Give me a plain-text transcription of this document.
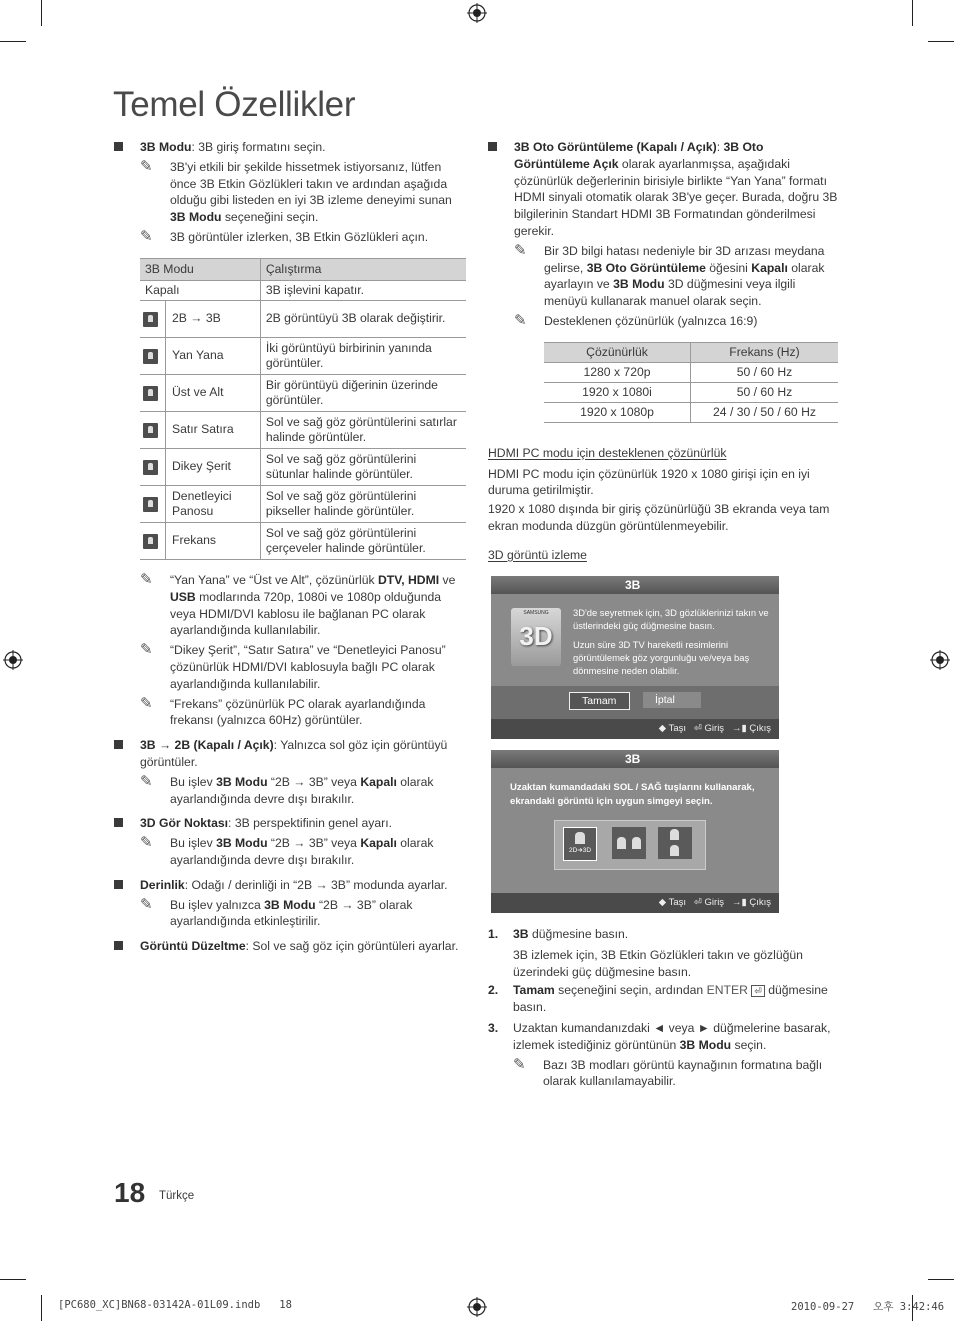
Temel Özellikler

3B Modu: 3B giriş formatını seçin.

✎ 3B'yi etkili bir şekilde hissetmek istiyorsanız, lütfen önce 3B Etkin Gözlükleri takın ve ardından aşağıda olduğu gibi listeden en iyi 3B izleme deneyimi sunan 3B Modu seçeneğini seçin.

✎ 3B görüntüler izlerken, 3B Etkin Gözlükleri açın.

3B Modu		Çalıştırma
Kapalı		3B işlevini kapatır.
	2B → 3B	2B görüntüyü 3B olarak değiştirir.
	Yan Yana	İki görüntüyü birbirinin yanında görüntüler.
	Üst ve Alt	Bir görüntüyü diğerinin üzerinde görüntüler.
	Satır Satıra	Sol ve sağ göz görüntülerini satırlar halinde görüntüler.
	Dikey Şerit	Sol ve sağ göz görüntülerini sütunlar halinde görüntüler.
	Denetleyici Panosu	Sol ve sağ göz görüntülerini pikseller halinde görüntüler.
	Frekans	Sol ve sağ göz görüntülerini çerçeveler halinde görüntüler.

✎ “Yan Yana” ve “Üst ve Alt”, çözünürlük DTV, HDMI ve USB modlarında 720p, 1080i ve 1080p olduğunda veya HDMI/DVI kablosu ile bağlanan PC olarak ayarlandığında kullanılabilir.

✎ “Dikey Şerit”, “Satır Satıra” ve “Denetleyici Panosu” çözünürlük HDMI/DVI kablosuyla bağlı PC olarak ayarlandığında kullanılabilir.

✎ “Frekans” çözünürlük PC olarak ayarlandığında frekansı (yalnızca 60Hz) görüntüler.

3B → 2B (Kapalı / Açık): Yalnızca sol göz için görüntüyü görüntüler.

✎ Bu işlev 3B Modu “2B → 3B” veya Kapalı olarak ayarlandığında devre dışı bırakılır.

3D Gör Noktası: 3B perspektifinin genel ayarı.

✎ Bu işlev 3B Modu “2B → 3B” veya Kapalı olarak ayarlandığında devre dışı bırakılır.

Derinlik: Odağı / derinliği in “2B → 3B” modunda ayarlar.

✎ Bu işlev yalnızca 3B Modu “2B → 3B” olarak ayarlandığında etkinleştirilir.

Görüntü Düzeltme: Sol ve sağ göz için görüntüleri ayarlar.

3B Oto Görüntüleme (Kapalı / Açık): 3B Oto Görüntüleme Açık olarak ayarlanmışsa, aşağıdaki çözünürlük değerlerinin birisiyle birlikte “Yan Yana” formatı HDMI sinyali otomatik olarak 3B'ye geçer. Burada, doğru 3B bilgilerinin Standart HDMI 3B Formatından gönderilmesi gerekir.

✎ Bir 3D bilgi hatası nedeniyle bir 3D arızası meydana gelirse, 3B Oto Görüntüleme öğesini Kapalı olarak ayarlayın ve 3B Modu 3D düğmesini veya ilgili menüyü kullanarak manuel olarak seçin.

✎ Desteklenen çözünürlük (yalnızca 16:9)

Çözünürlük	Frekans (Hz)
1280 x 720p	50 / 60 Hz
1920 x 1080i	50 / 60 Hz
1920 x 1080p	24 / 30 / 50 / 60 Hz

HDMI PC modu için desteklenen çözünürlük

HDMI PC modu için çözünürlük 1920 x 1080 girişi için en iyi duruma getirilmiştir.

1920 x 1080 dışında bir giriş çözünürlüğü 3B ekranda veya tam ekran modunda düzgün görüntülenmeyebilir.

3D görüntü izleme

3B
SAMSUNG
3D
3D'de seyretmek için, 3D gözlüklerinizi takın ve üstlerindeki güç düğmesine basın.
Uzun süre 3D TV hareketli resimlerini görüntülemek göz yorgunluğu ve/veya baş dönmesine neden olabilir.
Tamam	İptal
◆ Taşı ⏎ Giriş →▮ Çıkış
3B
Uzaktan kumandadaki SOL / SAĞ tuşlarını kullanarak, ekrandaki görüntü için uygun simgeyi seçin.
2D➔3D
◆ Taşı ⏎ Giriş →▮ Çıkış
1. 3B düğmesine basın.
3B izlemek için, 3B Etkin Gözlükleri takın ve gözlüğün üzerindeki güç düğmesine basın.
2. Tamam seçeneğini seçin, ardından ENTER ⏎ düğmesine basın.
3. Uzaktan kumandanızdaki ◄ veya ► düğmelerine basarak, izlemek istediğiniz görüntünün 3B Modu seçin.

✎ Bazı 3B modları görüntü kaynağının formatına bağlı olarak kullanılamayabilir.

18 Türkçe
[PC680_XC]BN68-03142A-01L09.indb   18	2010-09-27   오후 3:42:46
